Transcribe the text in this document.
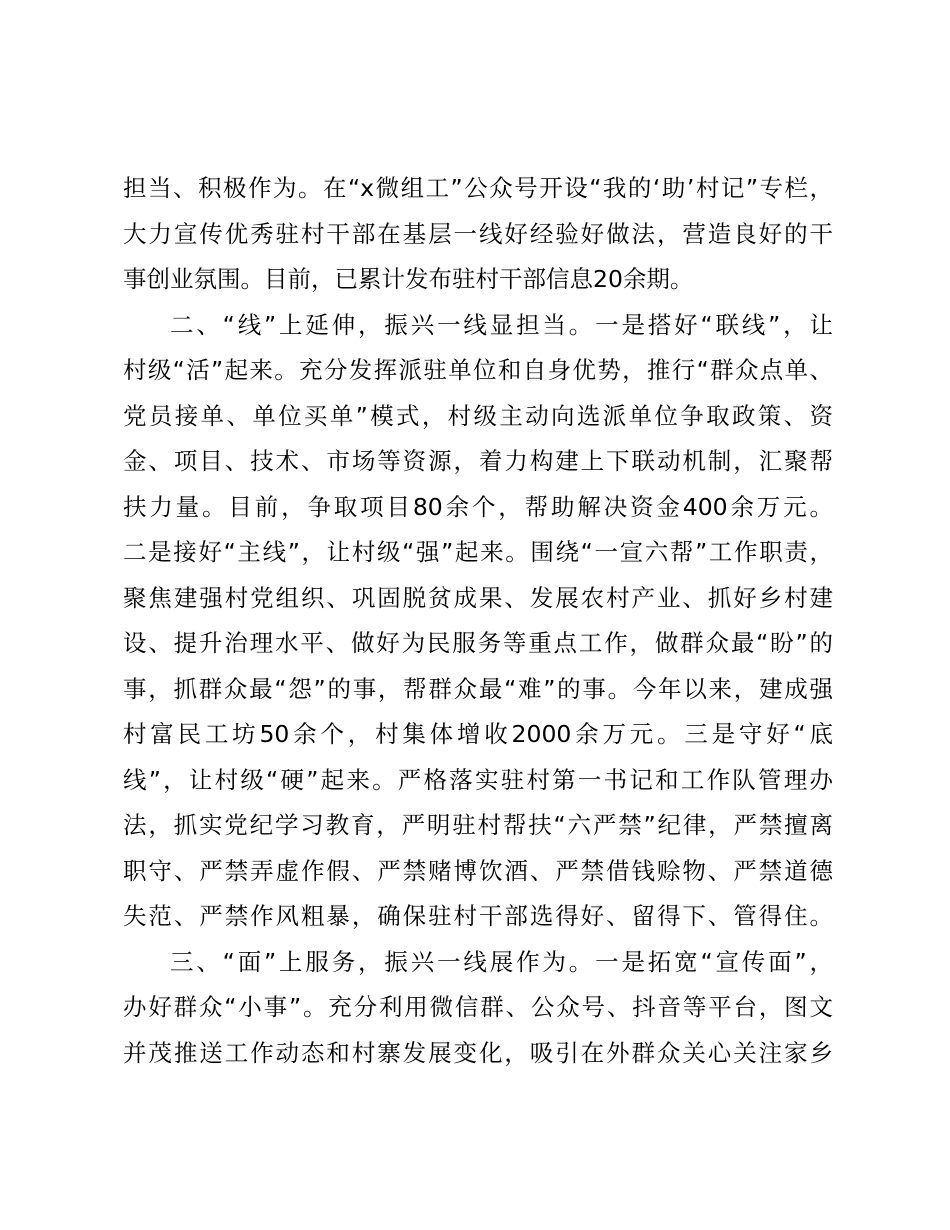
担当、积极作为。在“x微组工”公众号开设“我的‘助’村记”专栏，
大力宣传优秀驻村干部在基层一线好经验好做法，营造良好的干
事创业氛围。目前，已累计发布驻村干部信息20余期。
二、“线”上延伸，振兴一线显担当。一是搭好“联线”，让
村级“活”起来。充分发挥派驻单位和自身优势，推行“群众点单、
党员接单、单位买单”模式，村级主动向选派单位争取政策、资
金、项目、技术、市场等资源，着力构建上下联动机制，汇聚帮
扶力量。目前，争取项目80余个，帮助解决资金400余万元。
二是接好“主线”，让村级“强”起来。围绕“一宣六帮”工作职责，
聚焦建强村党组织、巩固脱贫成果、发展农村产业、抓好乡村建
设、提升治理水平、做好为民服务等重点工作，做群众最“盼”的
事，抓群众最“怨”的事，帮群众最“难”的事。今年以来，建成强
村富民工坊50余个，村集体增收2000余万元。三是守好“底
线”，让村级“硬”起来。严格落实驻村第一书记和工作队管理办
法，抓实党纪学习教育，严明驻村帮扶“六严禁”纪律，严禁擅离
职守、严禁弄虚作假、严禁赌博饮酒、严禁借钱赊物、严禁道德
失范、严禁作风粗暴，确保驻村干部选得好、留得下、管得住。
三、“面”上服务，振兴一线展作为。一是拓宽“宣传面”，
办好群众“小事”。充分利用微信群、公众号、抖音等平台，图文
并茂推送工作动态和村寨发展变化，吸引在外群众关心关注家乡
